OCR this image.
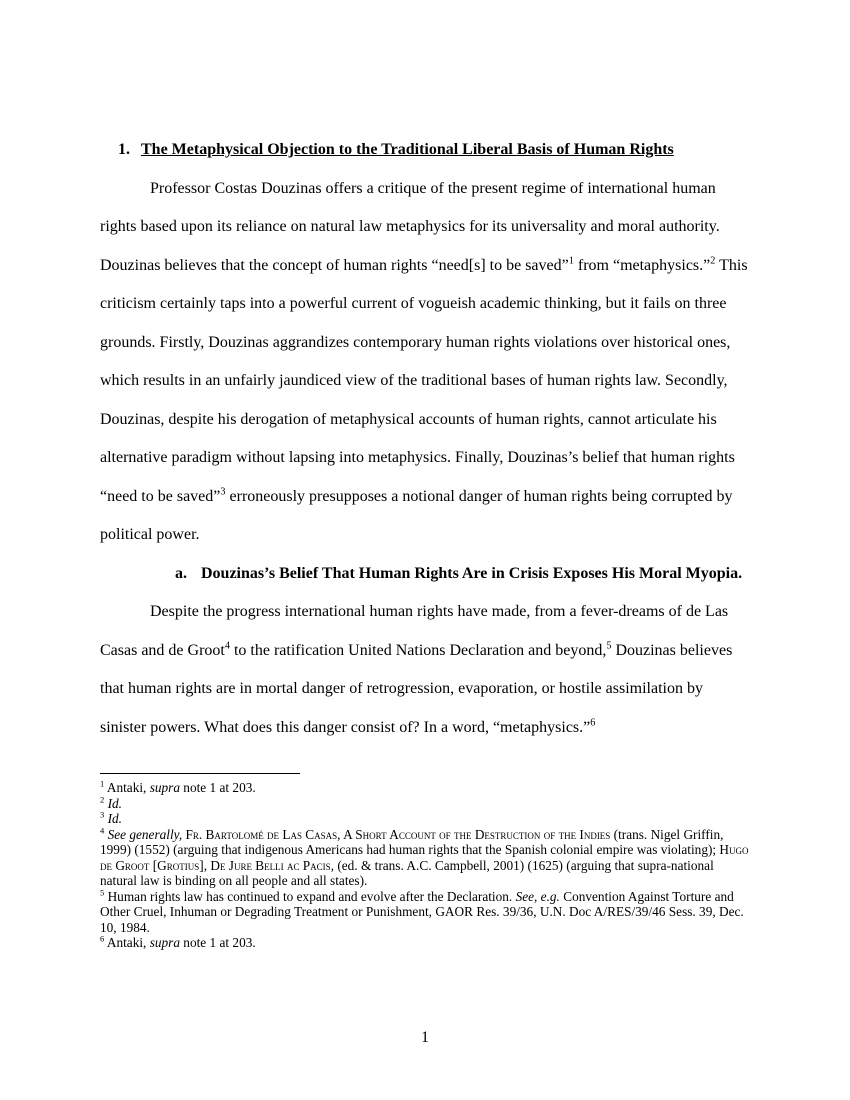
1. The Metaphysical Objection to the Traditional Liberal Basis of Human Rights

Professor Costas Douzinas offers a critique of the present regime of international human rights based upon its reliance on natural law metaphysics for its universality and moral authority. Douzinas believes that the concept of human rights “need[s] to be saved”$^1$ from “metaphysics.”$^2$ This criticism certainly taps into a powerful current of vogueish academic thinking, but it fails on three grounds. Firstly, Douzinas aggrandizes contemporary human rights violations over historical ones, which results in an unfairly jaundiced view of the traditional bases of human rights law. Secondly, Douzinas, despite his derogation of metaphysical accounts of human rights, cannot articulate his alternative paradigm without lapsing into metaphysics. Finally, Douzinas’s belief that human rights “need to be saved”$^3$ erroneously presupposes a notional danger of human rights being corrupted by political power.

a. Douzinas’s Belief That Human Rights Are in Crisis Exposes His Moral Myopia.

Despite the progress international human rights have made, from a fever-dreams of de Las Casas and de Groot$^4$ to the ratification United Nations Declaration and beyond,$^5$ Douzinas believes that human rights are in mortal danger of retrogression, evaporation, or hostile assimilation by sinister powers. What does this danger consist of? In a word, “metaphysics.”$^6$

$^1$ Antaki, supra note 1 at 203.
$^2$ Id.
$^3$ Id.
$^4$ See generally, Fr. Bartolomé de Las Casas, A Short Account of the Destruction of the Indies (trans. Nigel Griffin, 1999) (1552) (arguing that indigenous Americans had human rights that the Spanish colonial empire was violating); Hugo de Groot [Grotius], De Jure Belli ac Pacis, (ed. & trans. A.C. Campbell, 2001) (1625) (arguing that supra-national natural law is binding on all people and all states).
$^5$ Human rights law has continued to expand and evolve after the Declaration. See, e.g. Convention Against Torture and Other Cruel, Inhuman or Degrading Treatment or Punishment, GAOR Res. 39/36, U.N. Doc A/RES/39/46 Sess. 39, Dec. 10, 1984.
$^6$ Antaki, supra note 1 at 203.
1
